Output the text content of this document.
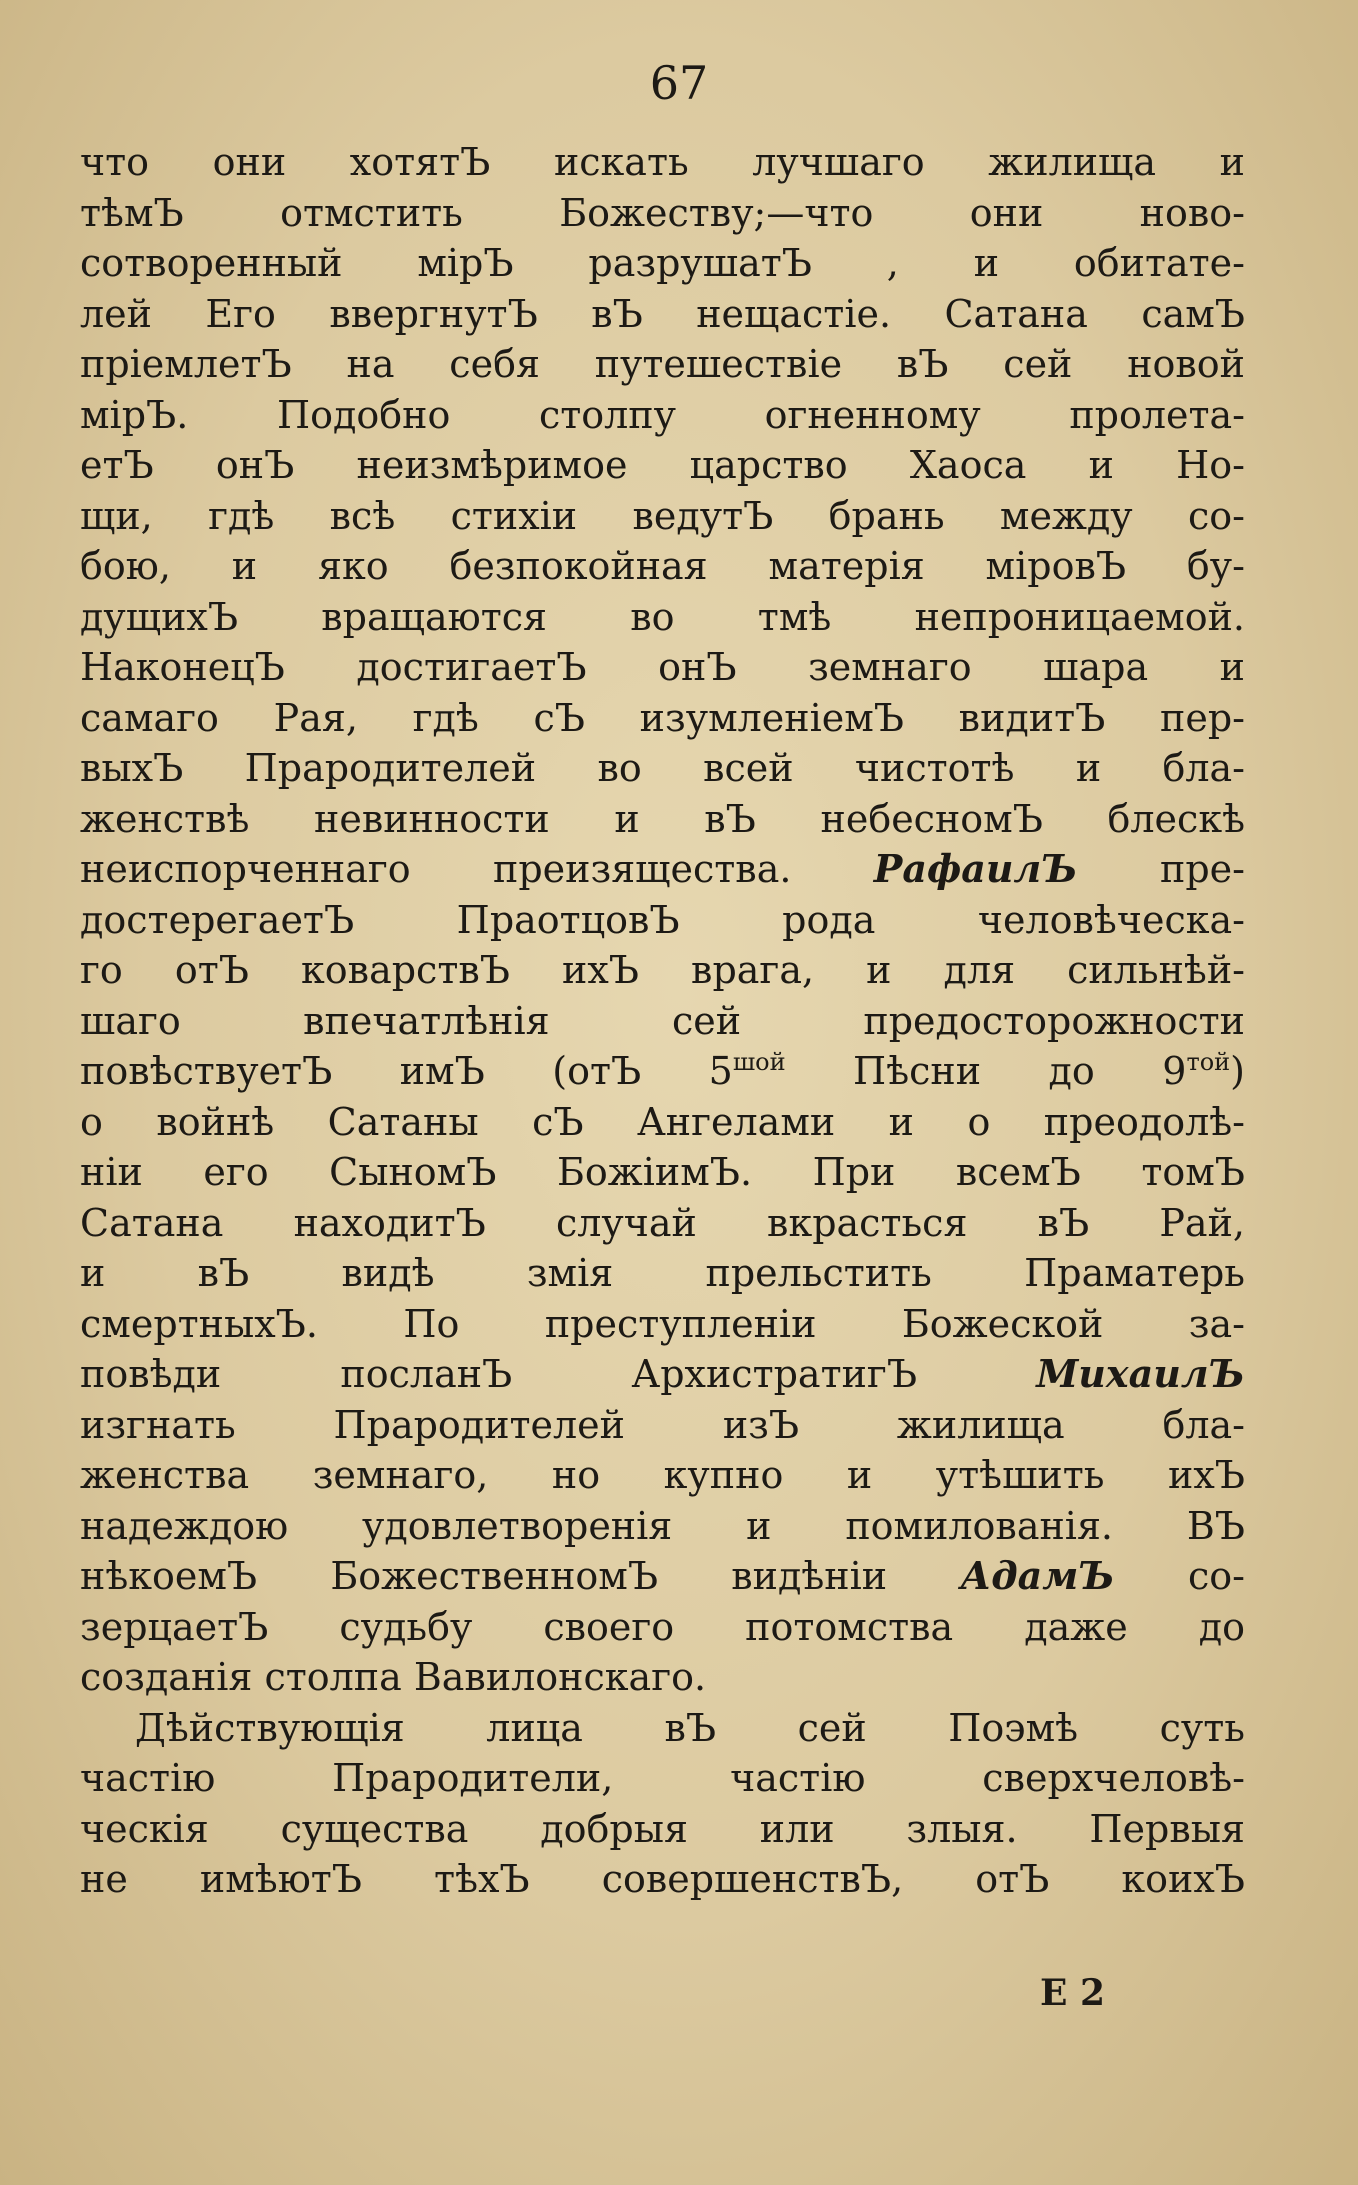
67
что они хотятЪ искать лучшаго жилища и
тѣмЪ отмстить Божеству;—что они ново-
сотворенный мірЪ разрушатЪ , и обитате-
лей Его ввергнутЪ вЪ нещастіе. Сатана самЪ
пріемлетЪ на себя путешествіе вЪ сей новой
мірЪ. Подобно столпу огненному пролета-
етЪ онЪ неизмѣримое царство Хаоса и Но-
щи, гдѣ всѣ стихіи ведутЪ брань между со-
бою, и яко безпокойная матерія міровЪ бу-
дущихЪ вращаются во тмѣ непроницаемой.
НаконецЪ достигаетЪ онЪ земнаго шара и
самаго Рая, гдѣ сЪ изумленіемЪ видитЪ пер-
выхЪ Прародителей во всей чистотѣ и бла-
женствѣ невинности и вЪ небесномЪ блескѣ
неиспорченнаго преизящества. РафаилЪ пре-
достерегаетЪ ПраотцовЪ рода человѣческа-
го отЪ коварствЪ ихЪ врага, и для сильнѣй-
шаго впечатлѣнія сей предосторожности
повѣствуетЪ имЪ (отЪ $5^{шой}$ Пѣсни до $9^{той}$)
о войнѣ Сатаны сЪ Ангелами и о преодолѣ-
ніи его СыномЪ БожіимЪ. При всемЪ томЪ
Сатана находитЪ случай вкрасться вЪ Рай,
и вЪ видѣ змія прельстить Праматерь
смертныхЪ. По преступленіи Божеской за-
повѣди посланЪ АрхистратигЪ МихаилЪ
изгнать Прародителей изЪ жилища бла-
женства земнаго, но купно и утѣшить ихЪ
надеждою удовлетворенія и помилованія. ВЪ
нѣкоемЪ БожественномЪ видѣніи АдамЪ со-
зерцаетЪ судьбу своего потомства даже до
созданія столпа Вавилонскаго.
Дѣйствующія лица вЪ сей Поэмѣ суть
частію Прародители, частію сверхчеловѣ-
ческія существа добрыя или злыя. Первыя
не имѣютЪ тѣхЪ совершенствЪ, отЪ коихЪ
Е 2
